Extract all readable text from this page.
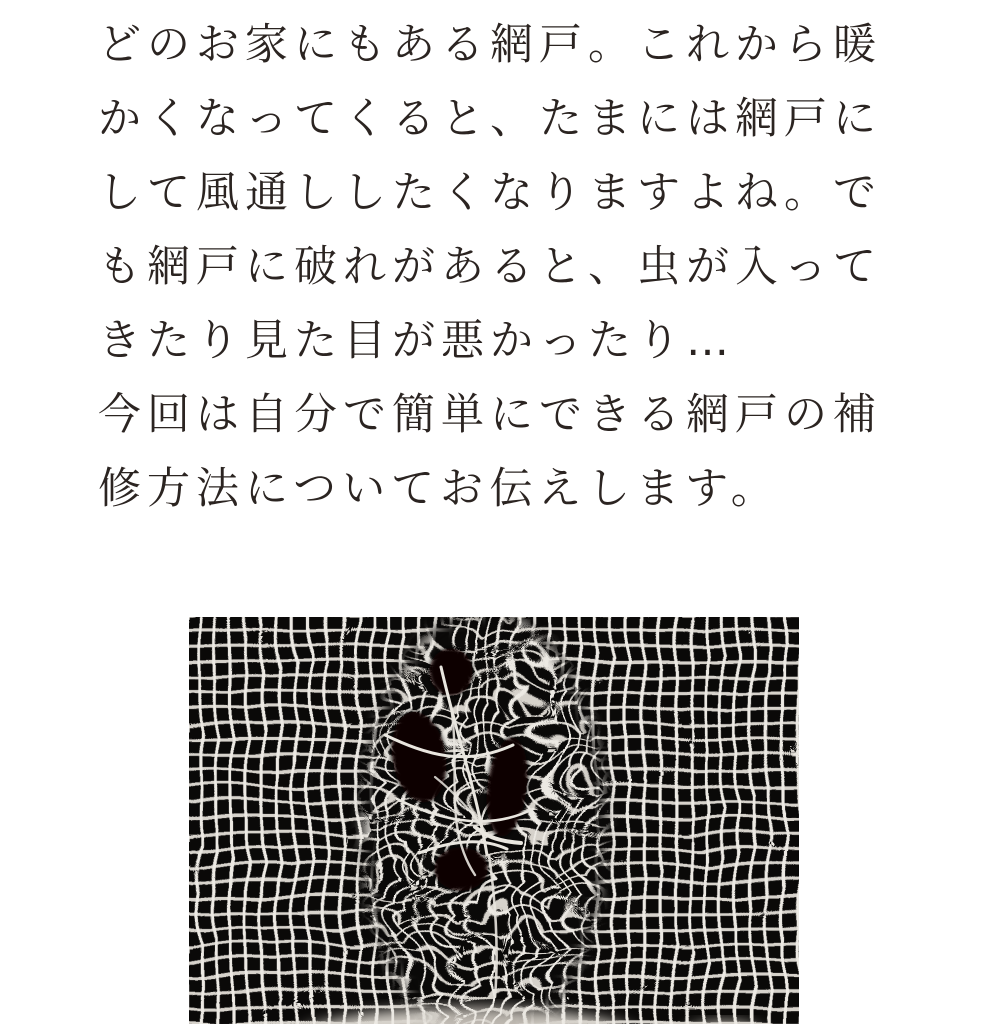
どのお家にもある網戸。これから暖
かくなってくると、たまには網戸に
して風通ししたくなりますよね。で
も網戸に破れがあると、虫が入って
きたり見た目が悪かったり…
今回は自分で簡単にできる網戸の補
修方法についてお伝えします。
